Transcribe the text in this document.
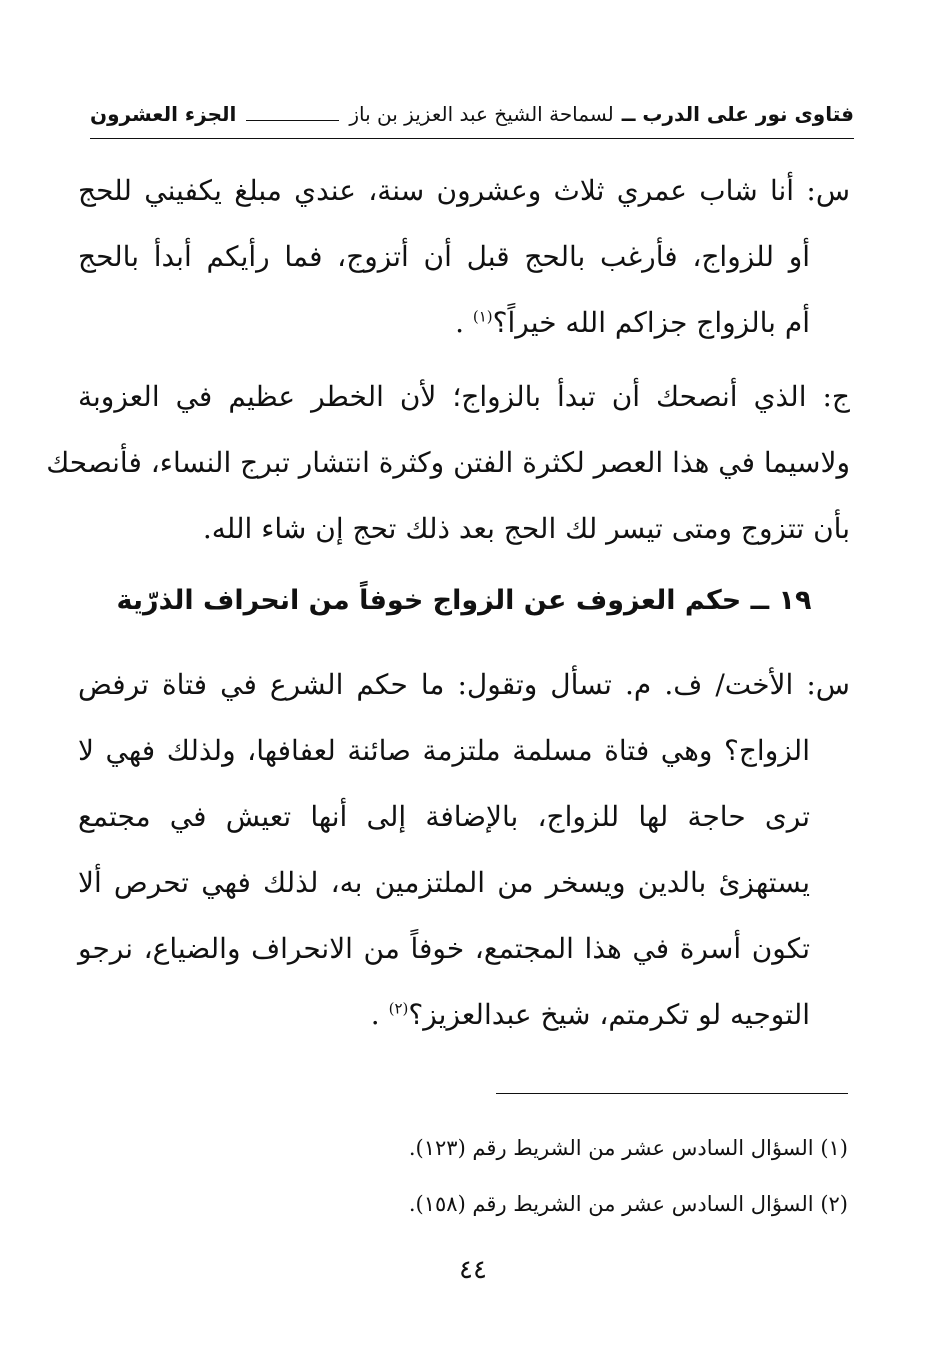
فتاوى نور على الدرب ــ
لسماحة الشيخ عبد العزيز بن باز
الجزء العشرون
س: أنا شاب عمري ثلاث وعشرون سنة، عندي مبلغ يكفيني للحج
أو للزواج، فأرغب بالحج قبل أن أتزوج، فما رأيكم أبدأ بالحج
أم بالزواج جزاكم الله خيراً؟$^{(١)}$ .
ج: الذي أنصحك أن تبدأ بالزواج؛ لأن الخطر عظيم في العزوبة
ولاسيما في هذا العصر لكثرة الفتن وكثرة انتشار تبرج النساء، فأنصحك
بأن تتزوج ومتى تيسر لك الحج بعد ذلك تحج إن شاء الله.
١٩ ــ حكم العزوف عن الزواج خوفاً من انحراف الذرّية
س: الأخت/ ف. م. تسأل وتقول: ما حكم الشرع في فتاة ترفض
الزواج؟ وهي فتاة مسلمة ملتزمة صائنة لعفافها، ولذلك فهي لا
ترى حاجة لها للزواج، بالإضافة إلى أنها تعيش في مجتمع
يستهزئ بالدين ويسخر من الملتزمين به، لذلك فهي تحرص ألا
تكون أسرة في هذا المجتمع، خوفاً من الانحراف والضياع، نرجو
التوجيه لو تكرمتم، شيخ عبدالعزيز؟$^{(٢)}$ .
(١) السؤال السادس عشر من الشريط رقم (١٢٣).
(٢) السؤال السادس عشر من الشريط رقم (١٥٨).
٤٤
